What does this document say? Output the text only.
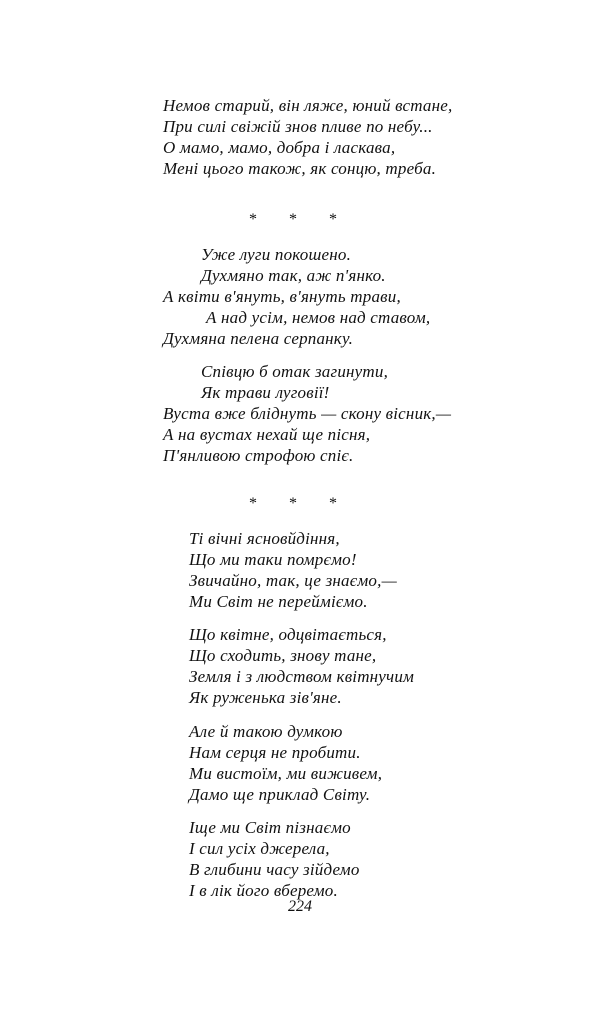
Немов старий, він ляже, юний встане,
При силі свіжій знов пливе по небу...
О мамо, мамо, добра і ласкава,
Мені цього також, як сонцю, треба.
* * *
Уже луги покошено.
Духмяно так, аж п'янко.
А квіти в'януть, в'януть трави,
А над усім, немов над ставом,
Духмяна пелена серпанку.
Співцю б отак загинути,
Як трави луговії!
Вуста вже бліднуть — скону вісник,—
А на вустах нехай ще пісня,
П'янливою строфою спіє.
* * *
Ті вічні ясновйдіння,
Що ми таки помрємо!
Звичайно, так, це знаємо,—
Ми Світ не перейміємо.
Що квітне, одцвітається,
Що сходить, знову тане,
Земля і з людством квітнучим
Як руженька зів'яне.
Але й такою думкою
Нам серця не пробити.
Ми вистоїм, ми виживем,
Дамо ще приклад Світу.
Іще ми Світ пізнаємо
І сил усіх джерела,
В глибини часу зійдемо
І в лік його вберемо.
224
